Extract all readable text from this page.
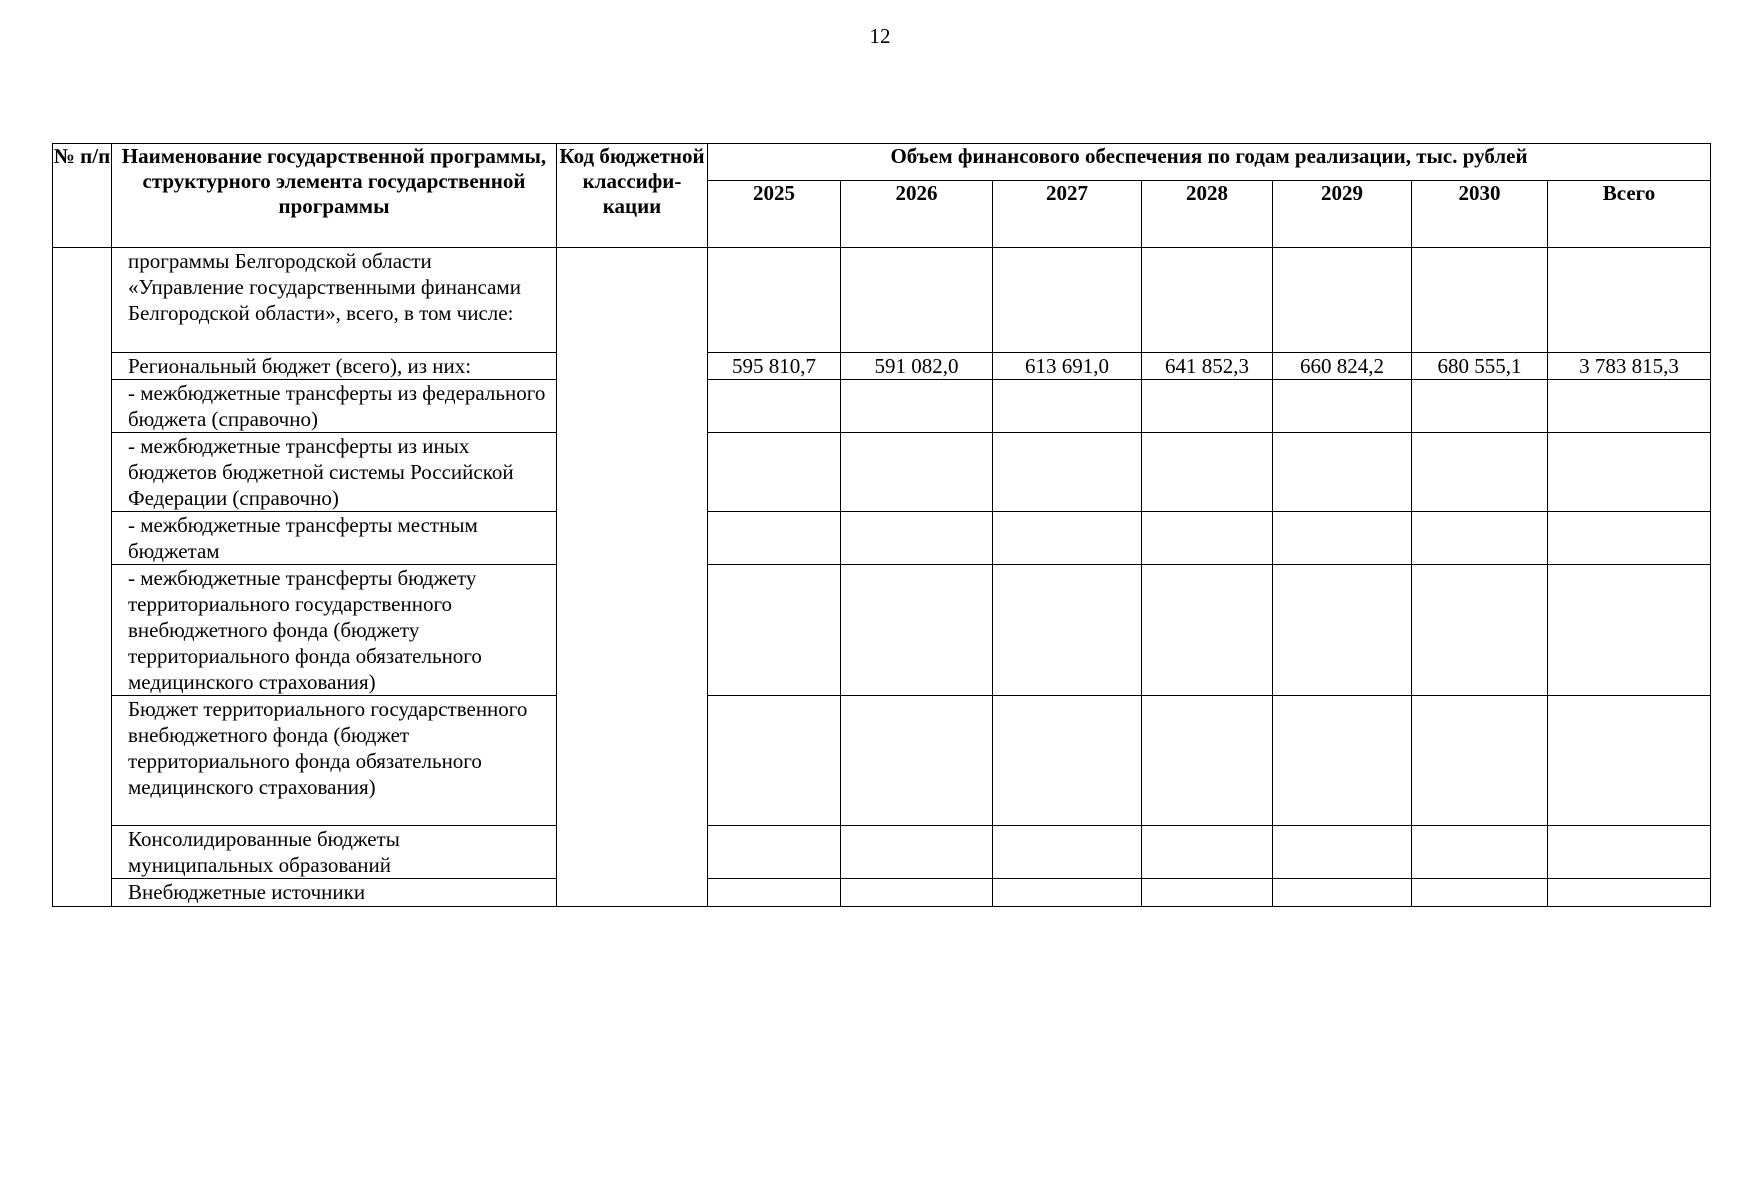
12
№ п/п	Наименование государственной программы, структурного элемента государственной программы	Код бюджетной классифи-кации	Объем финансового обеспечения по годам реализации, тыс. рублей						
			2025	2026	2027	2028	2029	2030	Всего
	программы Белгородской области «Управление государственными финансами Белгородской области», всего, в том числе:								
	Региональный бюджет (всего), из них:		595 810,7	591 082,0	613 691,0	641 852,3	660 824,2	680 555,1	3 783 815,3
	- межбюджетные трансферты из федерального бюджета (справочно)								
	- межбюджетные трансферты из иных бюджетов бюджетной системы Российской Федерации (справочно)								
	- межбюджетные трансферты местным бюджетам								
	- межбюджетные трансферты бюджету территориального государственного внебюджетного фонда (бюджету территориального фонда обязательного медицинского страхования)								
	Бюджет территориального государственного внебюджетного фонда (бюджет территориального фонда обязательного медицинского страхования)								
	Консолидированные бюджеты муниципальных образований								
	Внебюджетные источники								
